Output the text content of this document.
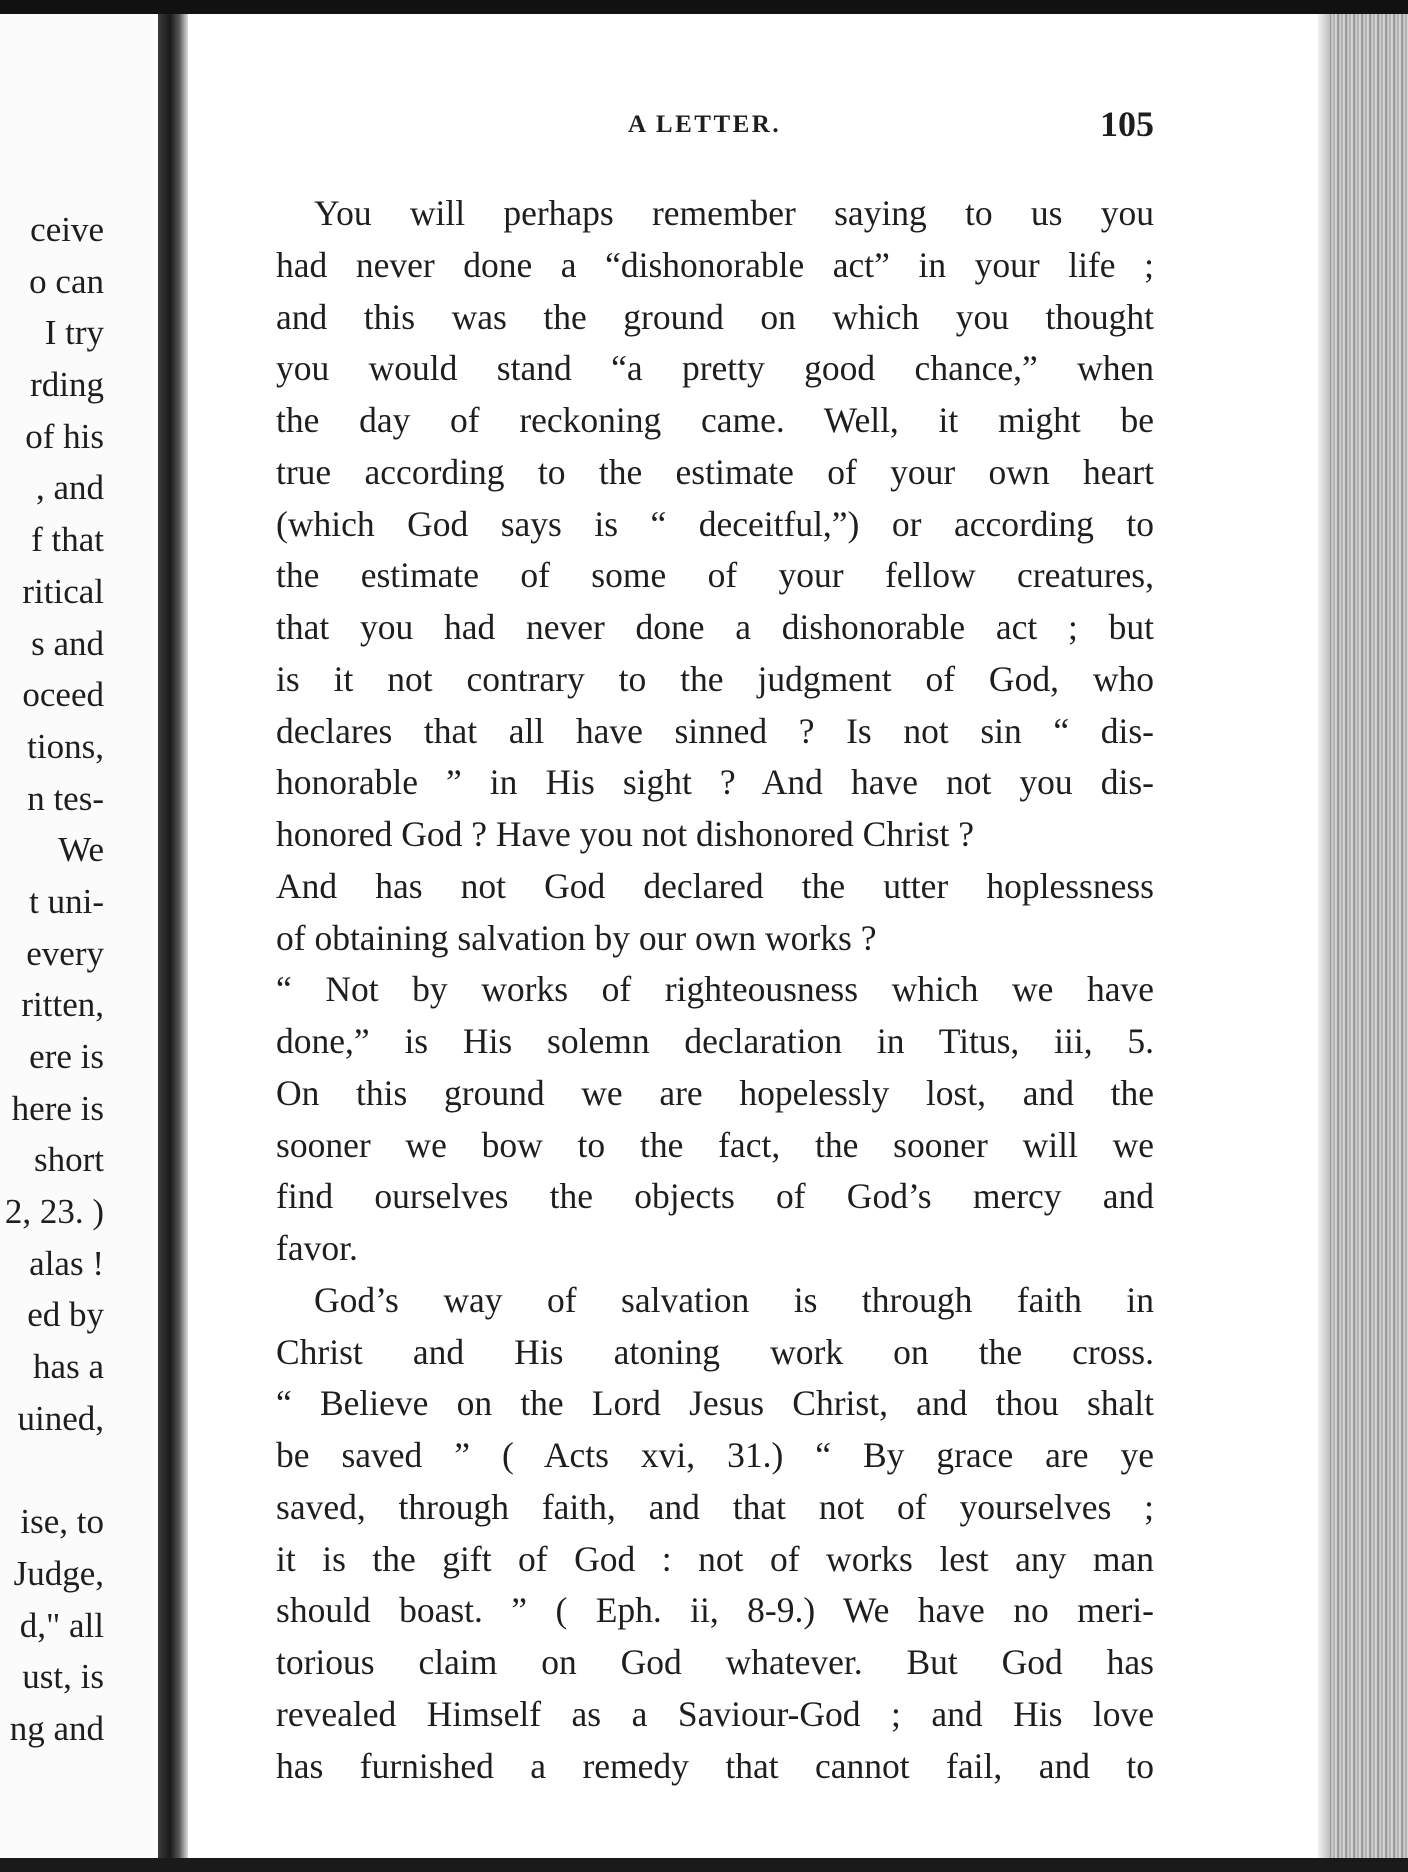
ceive
o can
I try
rding
of his
, and
f that
ritical
s and
oceed
tions,
n tes-
We
t uni-
every
ritten,
ere is
here is
short
2, 23. )
alas !
ed by
has a
uined,
ise, to
Judge,
d," all
ust, is
ng and
A LETTER.	105
You will perhaps remember saying to us you
had never done a “dishonorable act” in your life ;
and this was the ground on which you thought
you would stand “a pretty good chance,” when
the day of reckoning came. Well, it might be
true according to the estimate of your own heart
(which God says is “ deceitful,”) or according to
the estimate of some of your fellow creatures,
that you had never done a dishonorable act ; but
is it not contrary to the judgment of God, who
declares that all have sinned ? Is not sin “ dis-
honorable ” in His sight ? And have not you dis-
honored God ? Have you not dishonored Christ ?
And has not God declared the utter hoplessness
of obtaining salvation by our own works ?
“ Not by works of righteousness which we have
done,” is His solemn declaration in Titus, iii, 5.
On this ground we are hopelessly lost, and the
sooner we bow to the fact, the sooner will we
find ourselves the objects of God’s mercy and
favor.
God’s way of salvation is through faith in
Christ and His atoning work on the cross.
“ Believe on the Lord Jesus Christ, and thou shalt
be saved ” ( Acts xvi, 31.) “ By grace are ye
saved, through faith, and that not of yourselves ;
it is the gift of God : not of works lest any man
should boast. ” ( Eph. ii, 8-9.) We have no meri-
torious claim on God whatever. But God has
revealed Himself as a Saviour-God ; and His love
has furnished a remedy that cannot fail, and to
